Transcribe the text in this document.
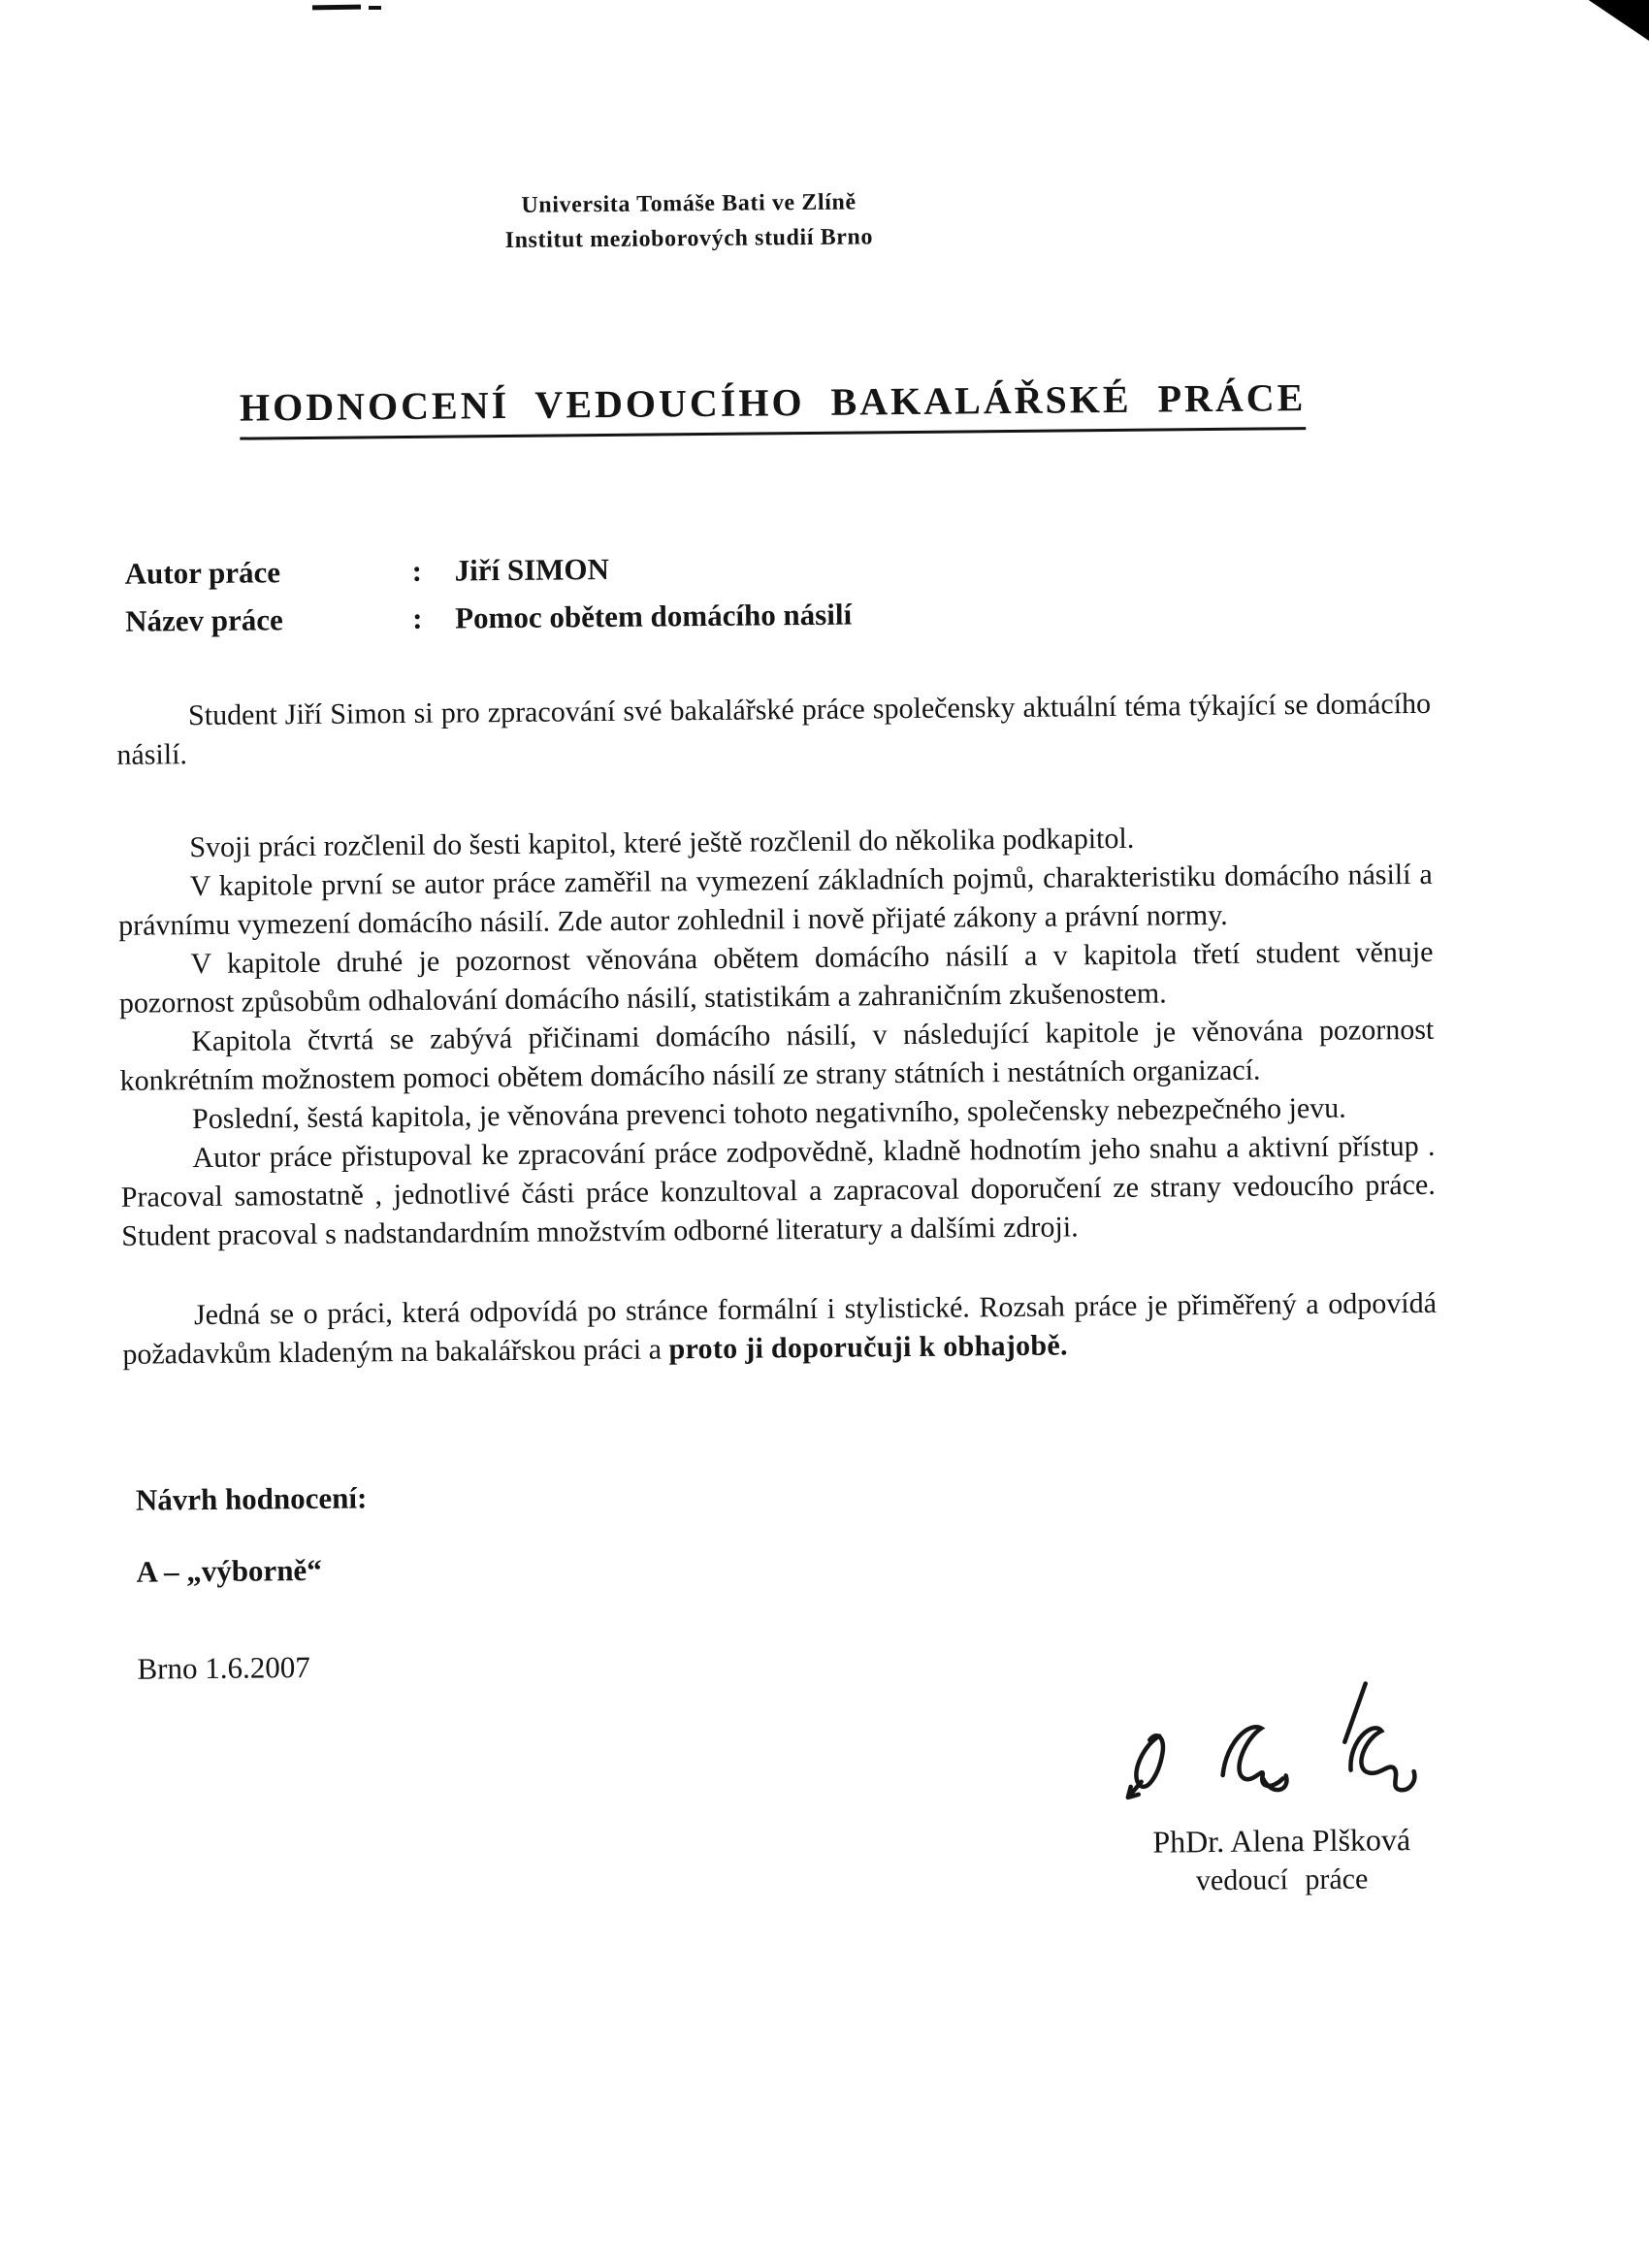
Universita Tomáše Bati ve Zlíně
Institut mezioborových studií Brno
HODNOCENÍ VEDOUCÍHO BAKALÁŘSKÉ PRÁCE
Autor práce	:	Jiří SIMON
Název práce	:	Pomoc obětem domácího násilí

Student Jiří Simon si pro zpracování své bakalářské práce společensky aktuální téma týkající se domácího násilí.

Svoji práci rozčlenil do šesti kapitol, které ještě rozčlenil do několika podkapitol.

V kapitole první se autor práce zaměřil na vymezení základních pojmů, charakteristiku domácího násilí a právnímu vymezení domácího násilí. Zde autor zohlednil i nově přijaté zákony a právní normy.

V kapitole druhé je pozornost věnována obětem domácího násilí a v kapitola třetí student věnuje pozornost způsobům odhalování domácího násilí, statistikám a zahraničním zkušenostem.

Kapitola čtvrtá se zabývá přičinami domácího násilí, v následující kapitole je věnována pozornost konkrétním možnostem pomoci obětem domácího násilí ze strany státních i nestátních organizací.

Poslední, šestá kapitola, je věnována prevenci tohoto negativního, společensky nebezpečného jevu.

Autor práce přistupoval ke zpracování práce zodpovědně, kladně hodnotím jeho snahu a aktivní přístup . Pracoval samostatně , jednotlivé části práce konzultoval a zapracoval doporučení ze strany vedoucího práce. Student pracoval s nadstandardním množstvím odborné literatury a dalšími zdroji.

Jedná se o práci, která odpovídá po stránce formální i stylistické. Rozsah práce je přiměřený a odpovídá požadavkům kladeným na bakalářskou práci a proto ji doporučuji k obhajobě.

Návrh hodnocení:
A – „výborně“
Brno 1.6.2007
PhDr. Alena Plšková
vedoucí práce
